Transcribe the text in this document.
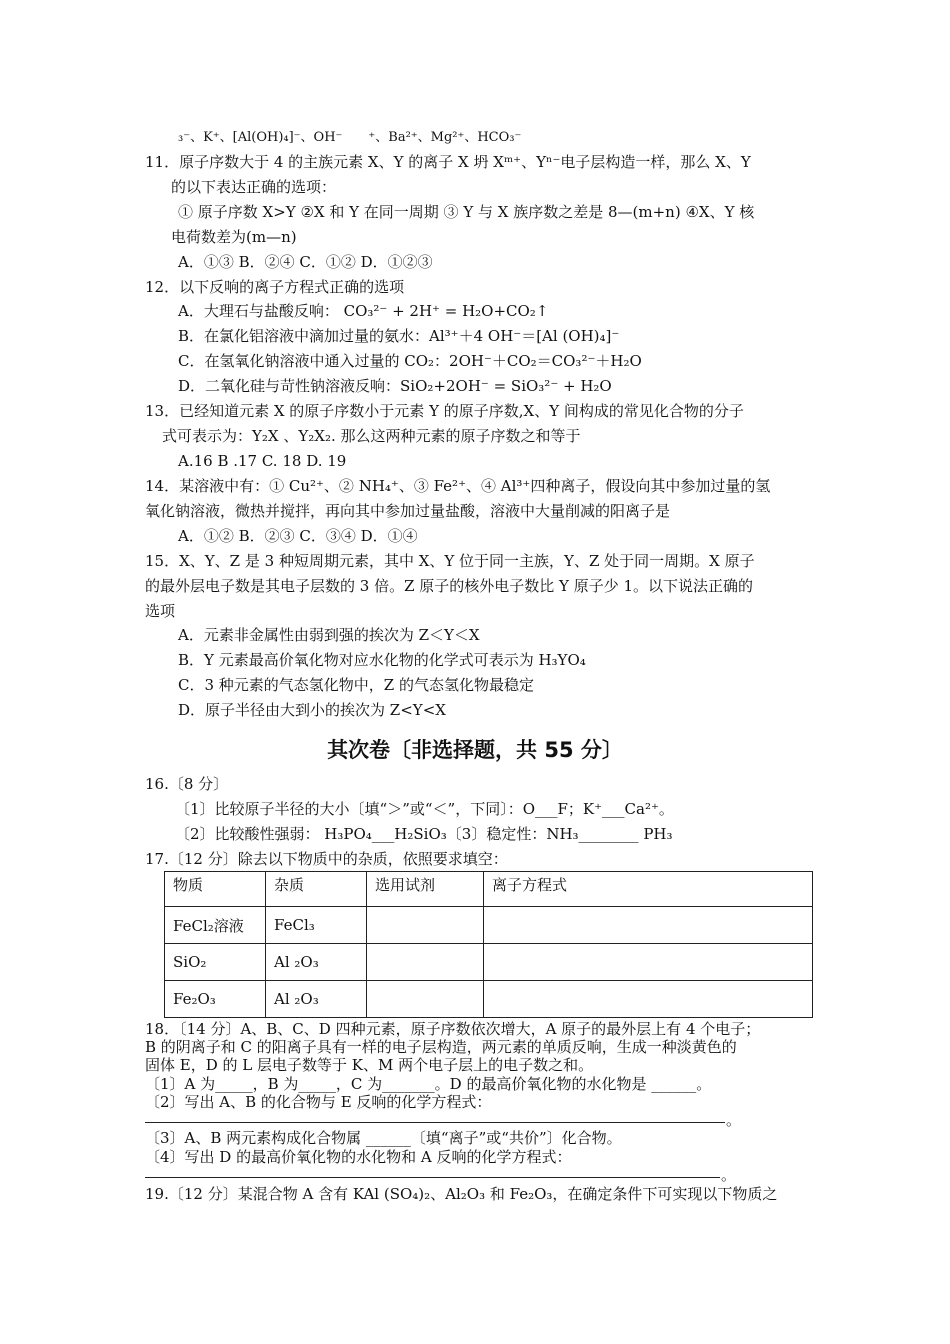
₃⁻、K⁺、[Al(OH)₄]⁻、OH⁻　　⁺、Ba²⁺、Mg²⁺、HCO₃⁻
11．原子序数大于 4 的主族元素 X、Y 的离子 X 坍 Xᵐ⁺、Yⁿ⁻电子层构造一样，那么 X、Y
的以下表达正确的选项：
① 原子序数 X>Y ②X 和 Y 在同一周期 ③ Y 与 X 族序数之差是 8—(m+n) ④X、Y 核
电荷数差为(m—n)
A．①③ B．②④ C．①② D．①②③
12．以下反响的离子方程式正确的选项
A．大理石与盐酸反响： CO₃²⁻ + 2H⁺ = H₂O+CO₂↑
B．在氯化铝溶液中滴加过量的氨水：Al³⁺＋4 OH⁻＝[Al (OH)₄]⁻
C．在氢氧化钠溶液中通入过量的 CO₂：2OH⁻＋CO₂＝CO₃²⁻＋H₂O
D．二氧化硅与苛性钠溶液反响：SiO₂+2OH⁻ = SiO₃²⁻ + H₂O
13．已经知道元素 X 的原子序数小于元素 Y 的原子序数,X、Y 间构成的常见化合物的分子
式可表示为：Y₂X 、Y₂X₂. 那么这两种元素的原子序数之和等于
A.16 B .17 C. 18 D. 19
14．某溶液中有：① Cu²⁺、② NH₄⁺、③ Fe²⁺、④ Al³⁺四种离子，假设向其中参加过量的氢
氧化钠溶液，微热并搅拌，再向其中参加过量盐酸，溶液中大量削减的阳离子是
A．①② B．②③ C．③④ D．①④
15．X、Y、Z 是 3 种短周期元素，其中 X、Y 位于同一主族，Y、Z 处于同一周期。X 原子
的最外层电子数是其电子层数的 3 倍。Z 原子的核外电子数比 Y 原子少 1。以下说法正确的
选项
A．元素非金属性由弱到强的挨次为 Z＜Y＜X
B．Y 元素最高价氧化物对应水化物的化学式可表示为 H₃YO₄
C．3 种元素的气态氢化物中，Z 的气态氢化物最稳定
D．原子半径由大到小的挨次为 Z<Y<X
其次卷〔非选择题，共 55 分〕
16.〔8 分〕
〔1〕比较原子半径的大小〔填“＞”或“＜”，下同〕：O___F；K⁺___Ca²⁺。
〔2〕比较酸性强弱： H₃PO₄___H₂SiO₃〔3〕稳定性：NH₃________ PH₃
17.〔12 分〕除去以下物质中的杂质，依照要求填空：
物质	杂质	选用试剂	离子方程式
FeCl₂溶液	FeCl₃		
SiO₂	Al ₂O₃		
Fe₂O₃	Al ₂O₃		
18．〔14 分〕A、B、C、D 四种元素，原子序数依次增大，A 原子的最外层上有 4 个电子；
B 的阴离子和 C 的阳离子具有一样的电子层构造，两元素的单质反响，生成一种淡黄色的
固体 E，D 的 L 层电子数等于 K、M 两个电子层上的电子数之和。
〔1〕A 为_____，B 为_____，C 为_______。D 的最高价氧化物的水化物是 ______。
〔2〕写出 A、B 的化合物与 E 反响的化学方程式：
。
〔3〕A、B 两元素构成化合物属 ______〔填“离子”或“共价”〕化合物。
〔4〕写出 D 的最高价氧化物的水化物和 A 反响的化学方程式：
。
19.〔12 分〕某混合物 A 含有 KAl (SO₄)₂、Al₂O₃ 和 Fe₂O₃，在确定条件下可实现以下物质之
